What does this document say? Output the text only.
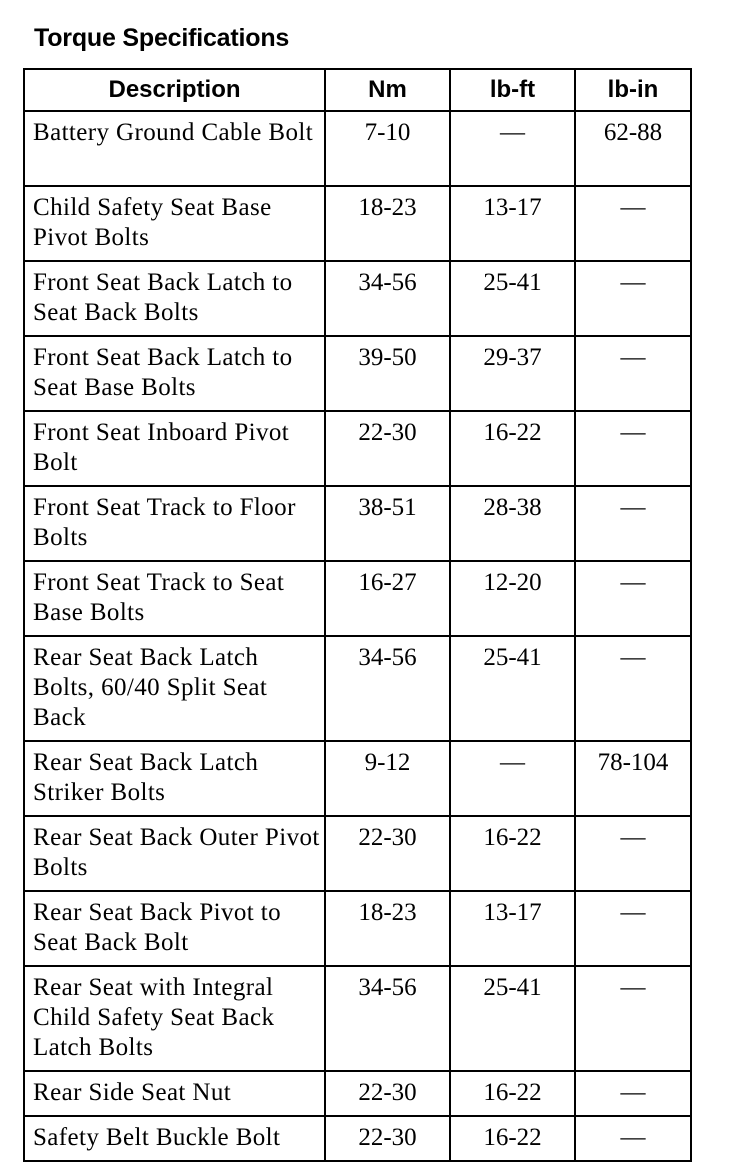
Torque Specifications
Description	Nm	lb-ft	lb-in
Battery Ground Cable Bolt	7-10	—	62-88
Child Safety Seat Base Pivot Bolts	18-23	13-17	—
Front Seat Back Latch to Seat Back Bolts	34-56	25-41	—
Front Seat Back Latch to Seat Base Bolts	39-50	29-37	—
Front Seat Inboard Pivot Bolt	22-30	16-22	—
Front Seat Track to Floor Bolts	38-51	28-38	—
Front Seat Track to Seat Base Bolts	16-27	12-20	—
Rear Seat Back Latch Bolts, 60/40 Split Seat Back	34-56	25-41	—
Rear Seat Back Latch Striker Bolts	9-12	—	78-104
Rear Seat Back Outer Pivot Bolts	22-30	16-22	—
Rear Seat Back Pivot to Seat Back Bolt	18-23	13-17	—
Rear Seat with Integral Child Safety Seat Back Latch Bolts	34-56	25-41	—
Rear Side Seat Nut	22-30	16-22	—
Safety Belt Buckle Bolt	22-30	16-22	—
